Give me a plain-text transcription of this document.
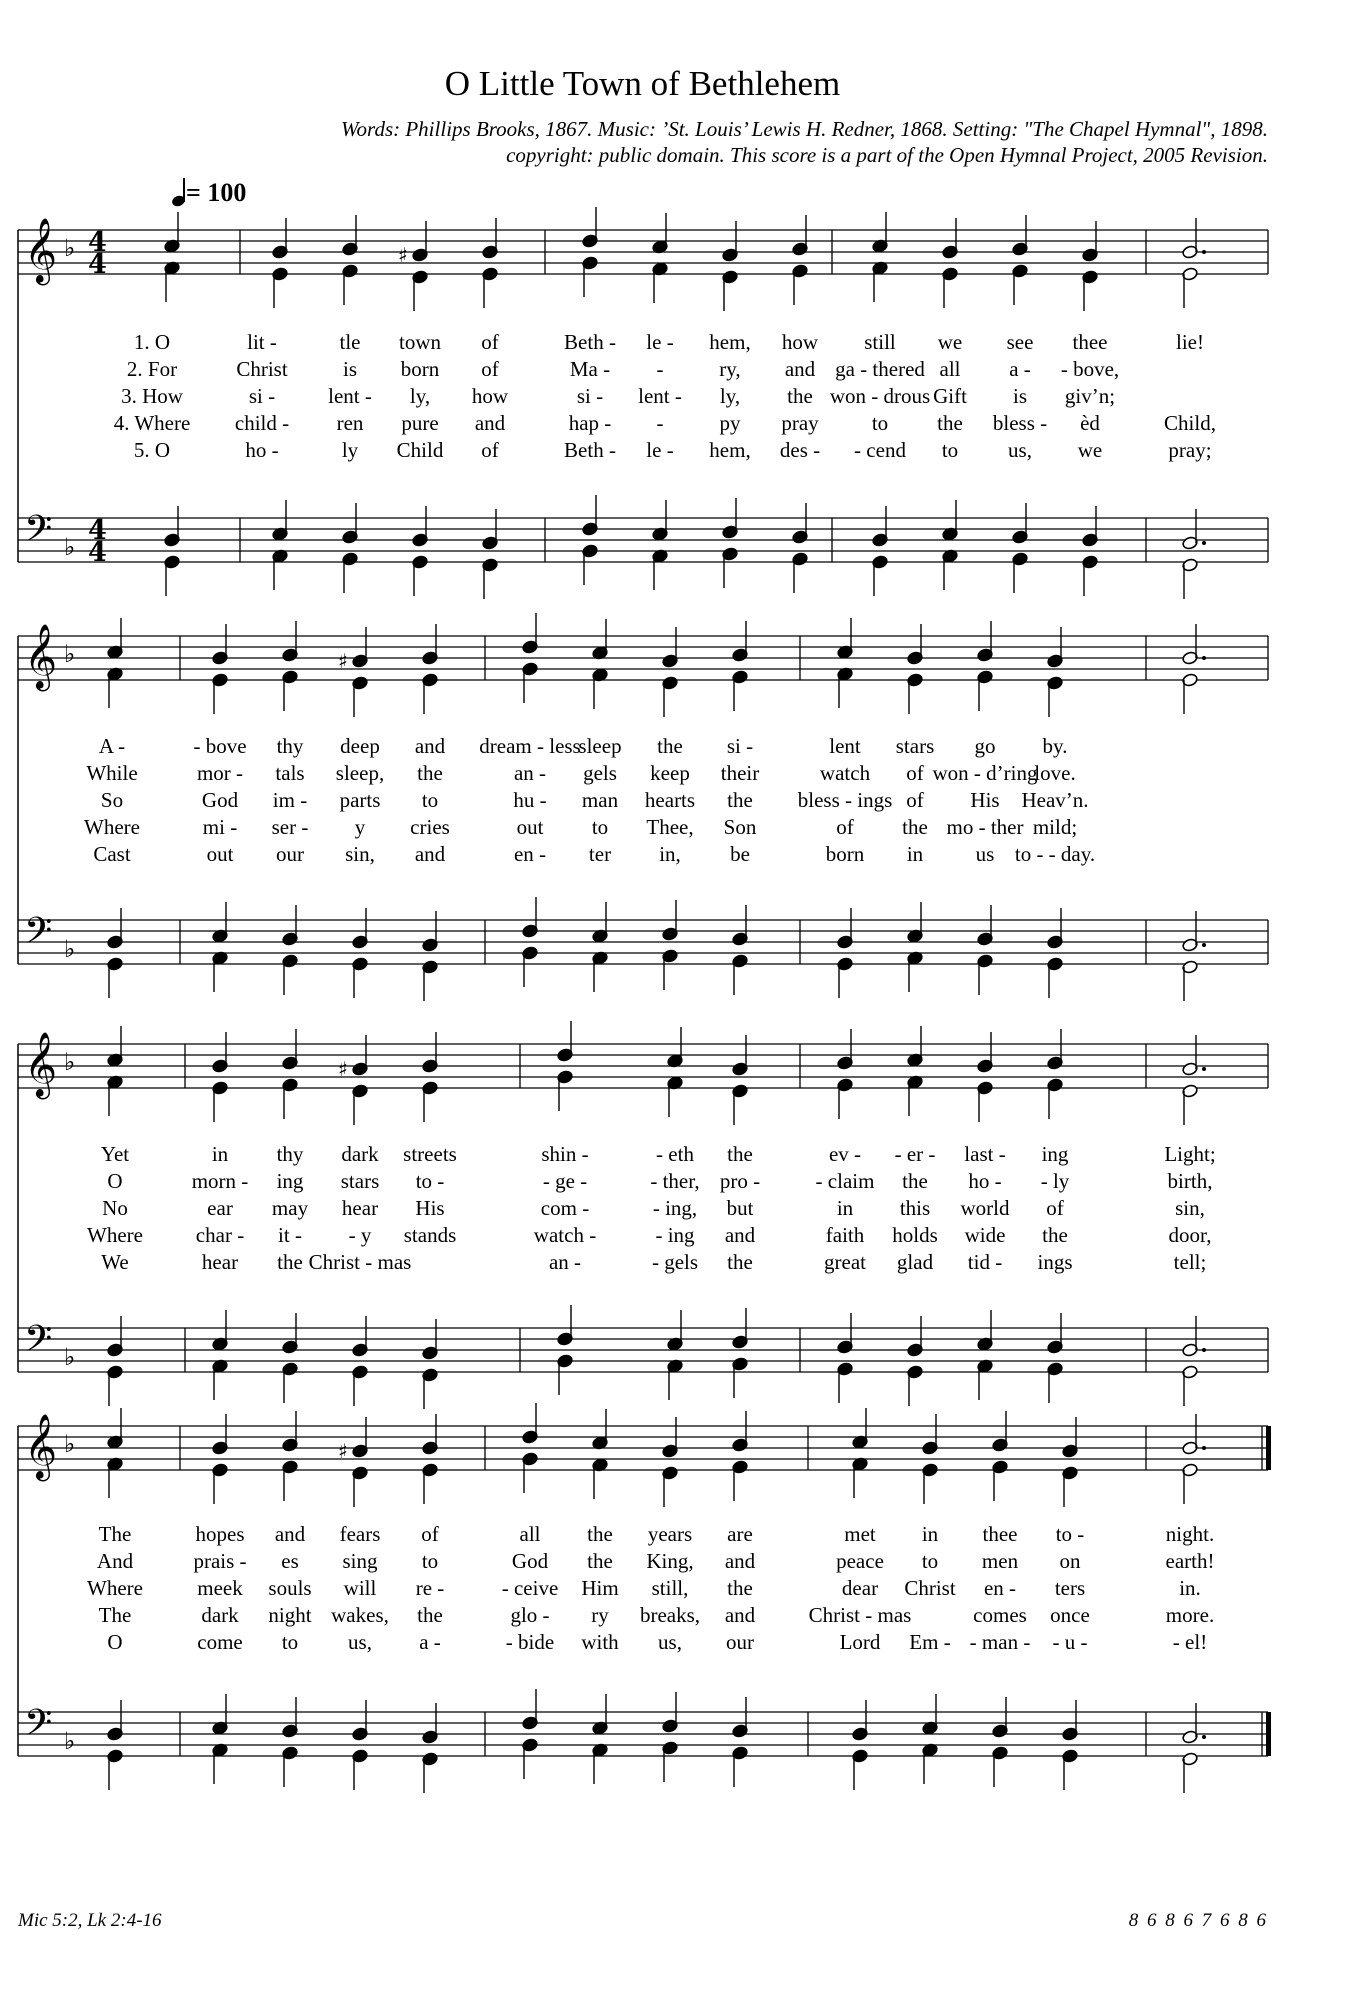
O Little Town of Bethlehem
Words: Phillips Brooks, 1867. Music: ’St. Louis’ Lewis H. Redner, 1868. Setting: "The Chapel Hymnal", 1898.
copyright: public domain. This score is a part of the Open Hymnal Project, 2005 Revision.
= 100
𝄞
𝄢
♭
♭
4
4
4
4
𝄞
𝄢
♭
♭
𝄞
𝄢
♭
♭
𝄞
𝄢
♭
♭
♯
♯
♯
♯
1. O	lit -	tle town of	Beth - le - hem, how still we see thee	lie!
2. For	Christ	is born of	Ma - -	ry, and ga - thered all a - - bove,
3. How	si -	lent - ly, how	si - lent - ly, the won - drous Gift is giv’n;
4. Where child - ren pure and	hap - -	py pray	to the bless - èd	Child,
5. O	ho -	ly Child of	Beth - le - hem, des - - cend to us, we	pray;
A -	- bove thy deep and dream - less
sleep the si -	lent stars go by.
While	mor - tals sleep, the	an - gels keep their	watch of won - d’ring
love.
So	God im - parts to	hu - man hearts the bless - ings of His Heav’n.
Where	mi - ser - y cries	out to Thee, Son	of the mo - ther mild;
Cast	out our sin, and	en - ter in, be	born in us to - - day.
Yet	in thy dark streets	shin -	- eth the	ev - - er - last - ing	Light;
O	morn - ing stars to -	- ge -	- ther, pro -	- claim the ho - - ly	birth,
No	ear may hear His	com -	- ing, but	in this world of	sin,
Where	char - it - - y stands	watch -	- ing and	faith holds wide the	door,
We	hear the Christ - mas	an -	- gels the	great glad tid - ings	tell;
The	hopes and fears of	all the years are	met in thee to -	night.
And	prais - es sing to	God the King, and	peace to men on	earth!
Where	meek souls will re -	- ceive Him still, the	dear Christ en - ters	in.
The	dark night wakes, the	glo - ry breaks, and	Christ - mas	comes once	more.
O	come to us, a -	- bide with us, our	Lord Em - - man - - u -	- el!
Mic 5:2, Lk 2:4-16	8 6 8 6 7 6 8 6
